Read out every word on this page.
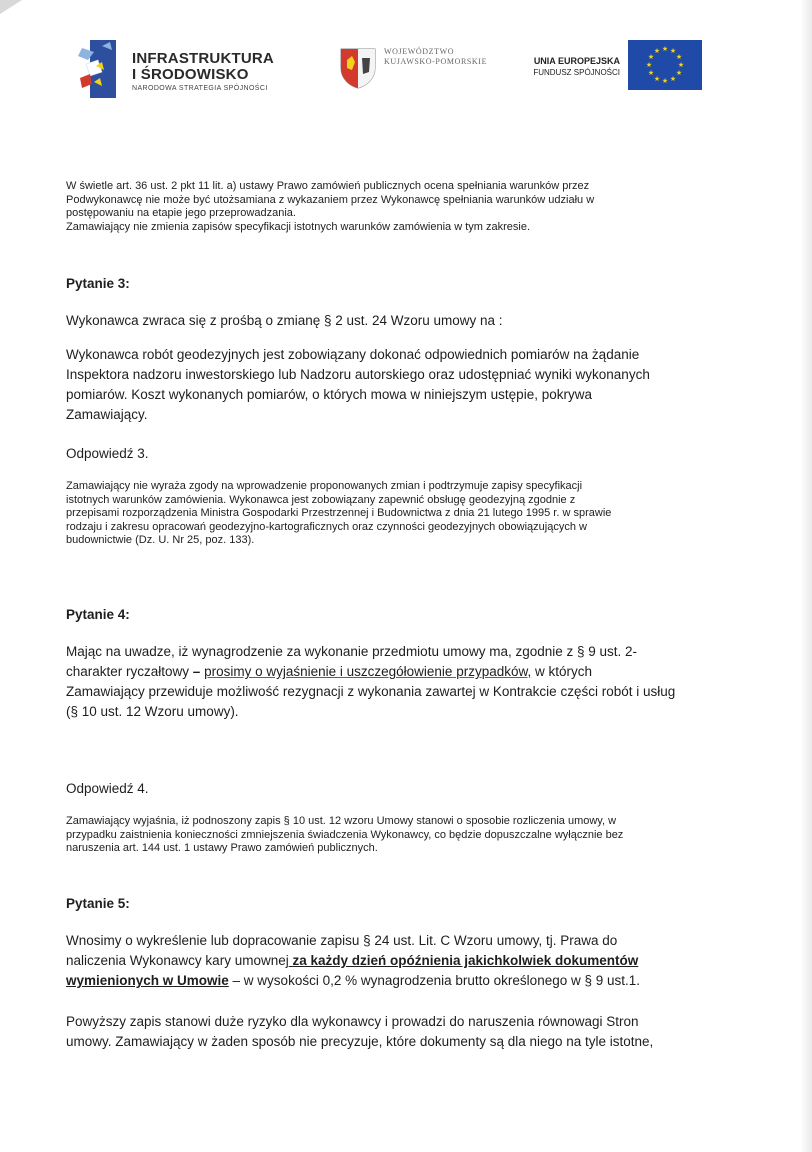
INFRASTRUKTURA
I ŚRODOWISKO
NARODOWA STRATEGIA SPÓJNOŚCI
WOJEWÓDZTWO
KUJAWSKO-POMORSKIE	UNIA EUROPEJSKA
FUNDUSZ SPÓJNOŚCI
★ ★
★
★
★
★
★
★
★
★
★
★
W świetle art. 36 ust. 2 pkt 11 lit. a) ustawy Prawo zamówień publicznych ocena spełniania warunków przez
Podwykonawcę nie może być utożsamiana z wykazaniem przez Wykonawcę spełniania warunków udziału w
postępowaniu na etapie jego przeprowadzania.
Zamawiający nie zmienia zapisów specyfikacji istotnych warunków zamówienia w tym zakresie.
Pytanie 3:
Wykonawca zwraca się z prośbą o zmianę § 2 ust. 24 Wzoru umowy na :
Wykonawca robót geodezyjnych jest zobowiązany dokonać odpowiednich pomiarów na żądanie
Inspektora nadzoru inwestorskiego lub Nadzoru autorskiego oraz udostępniać wyniki wykonanych
pomiarów. Koszt wykonanych pomiarów, o których mowa w niniejszym ustępie, pokrywa
Zamawiający.
Odpowiedź 3.
Zamawiający nie wyraża zgody na wprowadzenie proponowanych zmian i podtrzymuje zapisy specyfikacji
istotnych warunków zamówienia. Wykonawca jest zobowiązany zapewnić obsługę geodezyjną zgodnie z
przepisami rozporządzenia Ministra Gospodarki Przestrzennej i Budownictwa z dnia 21 lutego 1995 r. w sprawie
rodzaju i zakresu opracowań geodezyjno-kartograficznych oraz czynności geodezyjnych obowiązujących w
budownictwie (Dz. U. Nr 25, poz. 133).
Pytanie 4:
Mając na uwadze, iż wynagrodzenie za wykonanie przedmiotu umowy ma, zgodnie z § 9 ust. 2-
charakter ryczałtowy – prosimy o wyjaśnienie i uszczegółowienie przypadków, w których
Zamawiający przewiduje możliwość rezygnacji z wykonania zawartej w Kontrakcie części robót i usług
(§ 10 ust. 12 Wzoru umowy).
Odpowiedź 4.
Zamawiający wyjaśnia, iż podnoszony zapis § 10 ust. 12 wzoru Umowy stanowi o sposobie rozliczenia umowy, w
przypadku zaistnienia konieczności zmniejszenia świadczenia Wykonawcy, co będzie dopuszczalne wyłącznie bez
naruszenia art. 144 ust. 1 ustawy Prawo zamówień publicznych.
Pytanie 5:
Wnosimy o wykreślenie lub dopracowanie zapisu § 24 ust. Lit. C Wzoru umowy, tj. Prawa do
naliczenia Wykonawcy kary umownej za każdy dzień opóźnienia jakichkolwiek dokumentów
wymienionych w Umowie – w wysokości 0,2 % wynagrodzenia brutto określonego w § 9 ust.1.
Powyższy zapis stanowi duże ryzyko dla wykonawcy i prowadzi do naruszenia równowagi Stron
umowy. Zamawiający w żaden sposób nie precyzuje, które dokumenty są dla niego na tyle istotne,
